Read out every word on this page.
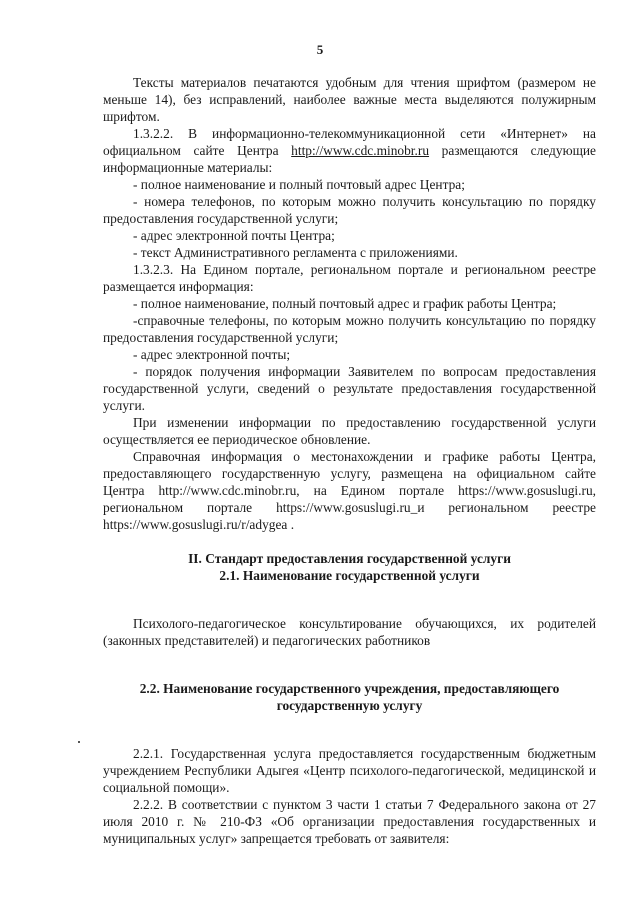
5

Тексты материалов печатаются удобным для чтения шрифтом (размером не меньше 14), без исправлений, наиболее важные места выделяются полужирным шрифтом.

1.3.2.2. В информационно-телекоммуникационной сети «Интернет» на официальном сайте Центра http://www.cdc.minobr.ru размещаются следующие информационные материалы:

- полное наименование и полный почтовый адрес Центра;

- номера телефонов, по которым можно получить консультацию по порядку предоставления государственной услуги;

- адрес электронной почты Центра;

- текст Административного регламента с приложениями.

1.3.2.3. На Едином портале, региональном портале и региональном реестре размещается информация:

- полное наименование, полный почтовый адрес и график работы Центра;

-справочные телефоны, по которым можно получить консультацию по порядку предоставления государственной услуги;

- адрес электронной почты;

- порядок получения информации Заявителем по вопросам предоставления государственной услуги, сведений о результате предоставления государственной услуги.

При изменении информации по предоставлению государственной услуги осуществляется ее периодическое обновление.

Справочная информация о местонахождении и графике работы Центра, предоставляющего государственную услугу, размещена на официальном сайте Центра http://www.cdc.minobr.ru, на Едином портале https://www.gosuslugi.ru, региональном портале https://www.gosuslugi.ru_и региональном реестре https://www.gosuslugi.ru/r/adygea .

II. Стандарт предоставления государственной услуги

2.1. Наименование государственной услуги

Психолого-педагогическое консультирование обучающихся, их родителей (законных представителей) и педагогических работников

2.2. Наименование государственного учреждения, предоставляющего государственную услугу

2.2.1. Государственная услуга предоставляется государственным бюджетным учреждением Республики Адыгея «Центр психолого-педагогической, медицинской и социальной помощи».

2.2.2. В соответствии с пунктом 3 части 1 статьи 7 Федерального закона от 27 июля 2010 г. № 210-ФЗ «Об организации предоставления государственных и муниципальных услуг» запрещается требовать от заявителя:
